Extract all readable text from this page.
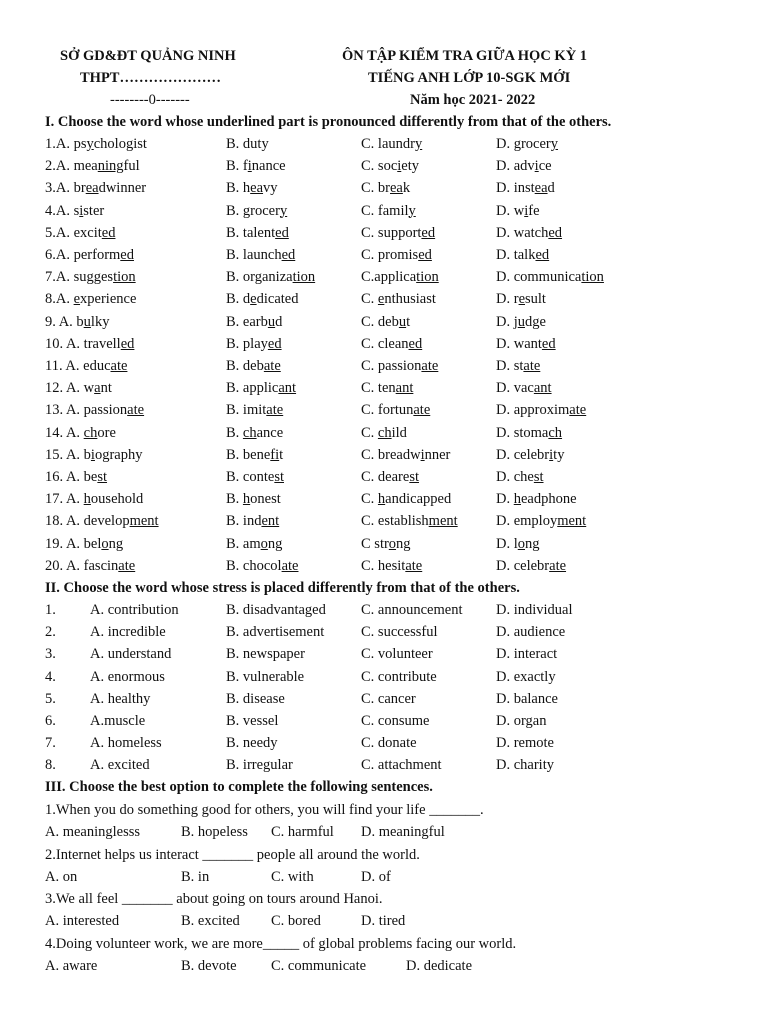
SỞ GD&ĐT QUẢNG NINH
THPT…………………
--------0-------
ÔN TẬP KIỂM TRA GIỮA HỌC KỲ 1
TIẾNG ANH LỚP 10-SGK MỚI
Năm học 2021- 2022
I. Choose the word whose underlined part is pronounced differently from that of the others.
1.A. psychologist	B. duty	C. laundry	D. grocery
2.A. meaningful	B. finance	C. society	D. advice
3.A. breadwinner	B. heavy	C. break	D. instead
4.A. sister	B. grocery	C. family	D. wife
5.A. excited	B. talented	C. supported	D. watched
6.A. performed	B. launched	C. promised	D. talked
7.A. suggestion	B. organization	C.application	D. communication
8.A. experience	B. dedicated	C. enthusiast	D. result
9. A. bulky	B. earbud	C. debut	D. judge
10. A. travelled	B. played	C. cleaned	D. wanted
11. A. educate	B. debate	C. passionate	D. state
12. A. want	B. applicant	C. tenant	D. vacant
13. A. passionate	B. imitate	C. fortunate	D. approximate
14. A. chore	B. chance	C. child	D. stomach
15. A. biography	B. benefit	C. breadwinner	D. celebrity
16. A. best	B. contest	C. dearest	D. chest
17. A. household	B. honest	C. handicapped	D. headphone
18. A. development	B. indent	C. establishment	D. employment
19. A. belong	B. among	C strong	D. long
20. A. fascinate	B. chocolate	C. hesitate	D. celebrate
II. Choose the word whose stress is placed differently from that of the others.
1. A. contribution	B. disadvantaged C. announcement D. individual
2. A. incredible	B. advertisement	C. successful	D. audience
3. A. understand	B. newspaper	C. volunteer	D. interact
4. A. enormous	B. vulnerable	C. contribute	D. exactly
5. A. healthy	B. disease	C. cancer	D. balance
6. A.muscle	B. vessel	C. consume	D. organ
7. A. homeless	B. needy	C. donate	D. remote
8. A. excited	B. irregular	C. attachment	D. charity
III. Choose the best option to complete the following sentences.
1.When you do something good for others, you will find your life _______.
A. meaninglesss	B. hopeless C. harmful D. meaningful
2.Internet helps us interact _______ people all around the world.
A. on	B. in	C. with	D. of
3.We all feel _______ about going on tours around Hanoi.
A. interested	B. excited C. bored	D. tired
4.Doing volunteer work, we are more_____ of global problems facing our world.
A. aware	B. devote C. communicate	D. dedicate
